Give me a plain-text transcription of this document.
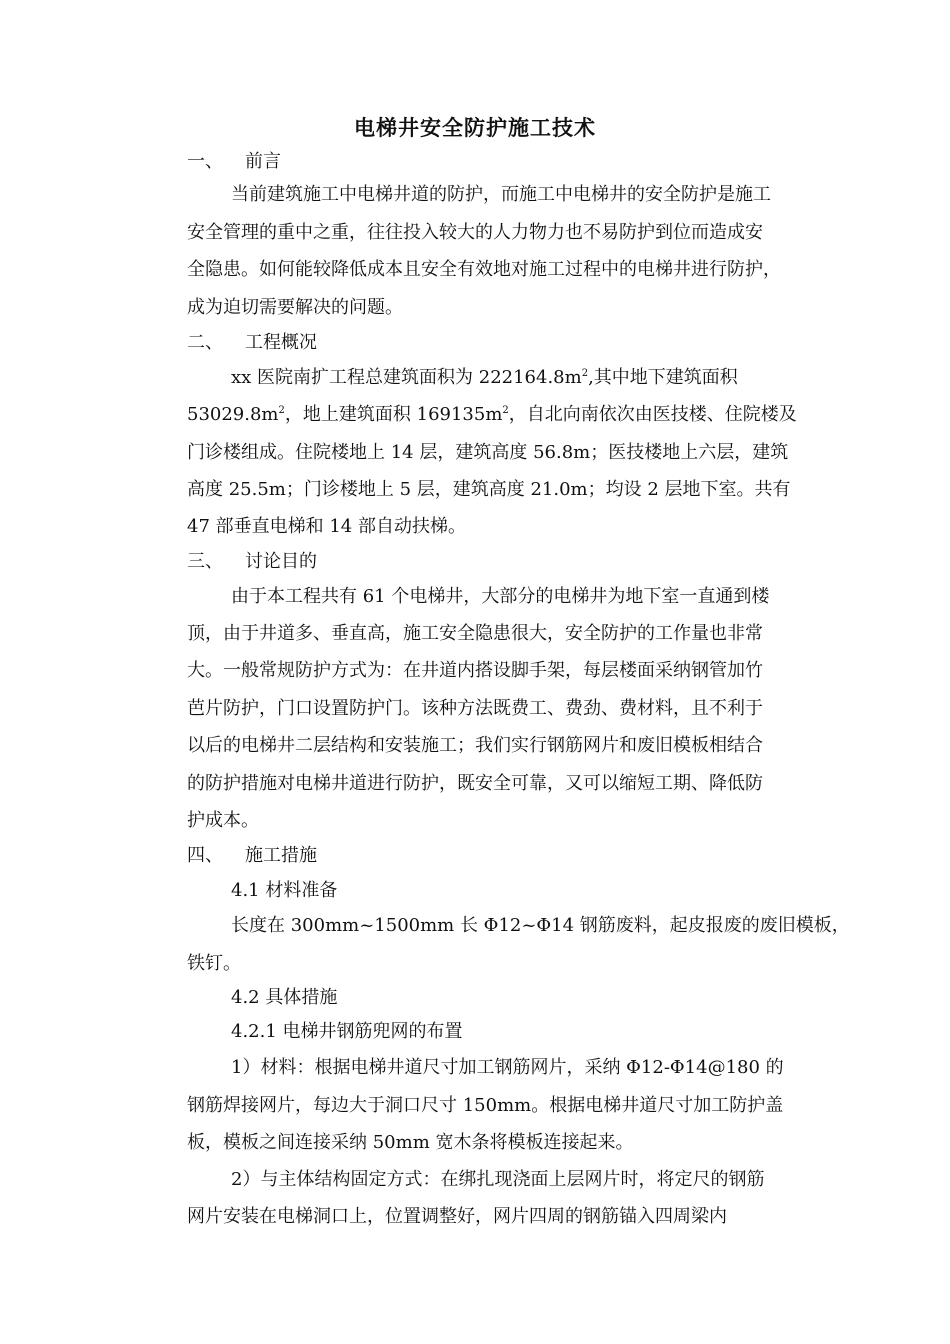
电梯井安全防护施工技术
一、 前言
当前建筑施工中电梯井道的防护，而施工中电梯井的安全防护是施工
安全管理的重中之重，往往投入较大的人力物力也不易防护到位而造成安
全隐患。如何能较降低成本且安全有效地对施工过程中的电梯井进行防护，
成为迫切需要解决的问题。
二、 工程概况
xx 医院南扩工程总建筑面积为 $222164.8m^2$,其中地下建筑面积
$53029.8m^2$，地上建筑面积 $169135m^2$，自北向南依次由医技楼、住院楼及
门诊楼组成。住院楼地上 14 层，建筑高度 56.8m；医技楼地上六层，建筑
高度 25.5m；门诊楼地上 5 层，建筑高度 21.0m；均设 2 层地下室。共有
47 部垂直电梯和 14 部自动扶梯。
三、 讨论目的
由于本工程共有 61 个电梯井，大部分的电梯井为地下室一直通到楼
顶，由于井道多、垂直高，施工安全隐患很大，安全防护的工作量也非常
大。一般常规防护方式为：在井道内搭设脚手架，每层楼面采纳钢管加竹
芭片防护，门口设置防护门。该种方法既费工、费劲、费材料，且不利于
以后的电梯井二层结构和安装施工；我们实行钢筋网片和废旧模板相结合
的防护措施对电梯井道进行防护，既安全可靠，又可以缩短工期、降低防
护成本。
四、 施工措施
4.1 材料准备
长度在 300mm~1500mm 长 Φ12~Φ14 钢筋废料，起皮报废的废旧模板，
铁钉。
4.2 具体措施
4.2.1 电梯井钢筋兜网的布置
1）材料：根据电梯井道尺寸加工钢筋网片，采纳 Φ12-Φ14@180 的
钢筋焊接网片，每边大于洞口尺寸 150mm。根据电梯井道尺寸加工防护盖
板，模板之间连接采纳 50mm 宽木条将模板连接起来。
2）与主体结构固定方式：在绑扎现浇面上层网片时，将定尺的钢筋
网片安装在电梯洞口上，位置调整好，网片四周的钢筋锚入四周梁内
